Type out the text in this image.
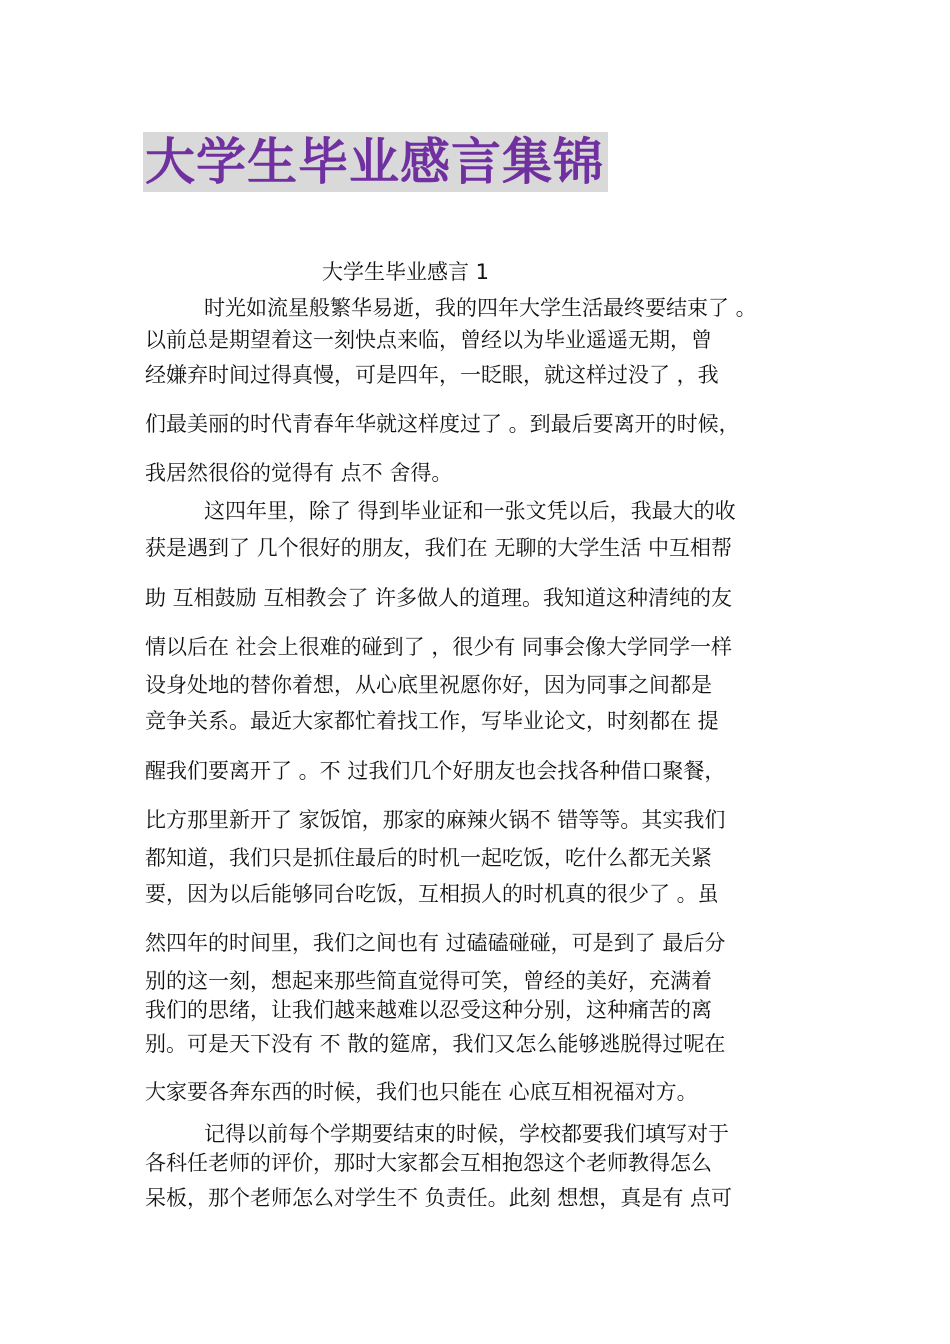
大学生毕业感言集锦
大学生毕业感言 1
时光如流星般繁华易逝，我的四年大学生活最终要结束了 。
以前总是期望着这一刻快点来临，曾经以为毕业遥遥无期，曾
经嫌弃时间过得真慢，可是四年，一眨眼，就这样过没了 ，我
们最美丽的时代青春年华就这样度过了 。到最后要离开的时候，
我居然很俗的觉得有 点不 舍得。
这四年里，除了 得到毕业证和一张文凭以后，我最大的收
获是遇到了 几个很好的朋友，我们在 无聊的大学生活 中互相帮
助 互相鼓励 互相教会了 许多做人的道理。我知道这种清纯的友
情以后在 社会上很难的碰到了 ，很少有 同事会像大学同学一样
设身处地的替你着想，从心底里祝愿你好，因为同事之间都是
竞争关系。最近大家都忙着找工作，写毕业论文，时刻都在 提
醒我们要离开了 。不 过我们几个好朋友也会找各种借口聚餐，
比方那里新开了 家饭馆，那家的麻辣火锅不 错等等。其实我们
都知道，我们只是抓住最后的时机一起吃饭，吃什么都无关紧
要，因为以后能够同台吃饭，互相损人的时机真的很少了 。虽
然四年的时间里，我们之间也有 过磕磕碰碰，可是到了 最后分
别的这一刻，想起来那些简直觉得可笑，曾经的美好，充满着
我们的思绪，让我们越来越难以忍受这种分别，这种痛苦的离
别。可是天下没有 不 散的筵席，我们又怎么能够逃脱得过呢在
大家要各奔东西的时候，我们也只能在 心底互相祝福对方。
记得以前每个学期要结束的时候，学校都要我们填写对于
各科任老师的评价，那时大家都会互相抱怨这个老师教得怎么
呆板，那个老师怎么对学生不 负责任。此刻 想想，真是有 点可
